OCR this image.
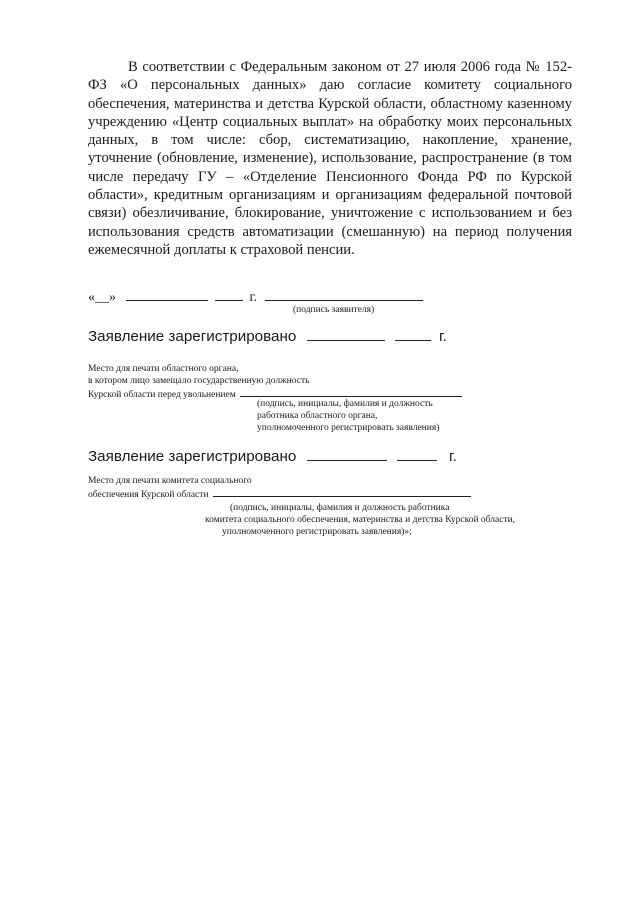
В соответствии с Федеральным законом от 27 июля 2006 года № 152-ФЗ «О персональных данных» даю согласие комитету социального обеспечения, материнства и детства Курской области, областному казенному учреждению «Центр социальных выплат» на обработку моих персональных данных, в том числе: сбор, систематизацию, накопление, хранение, уточнение (обновление, изменение), использование, распространение (в том числе передачу ГУ – «Отделение Пенсионного Фонда РФ по Курской области», кредитным организациям и организациям федеральной почтовой связи) обезличивание, блокирование, уничтожение с использованием и без использования средств автоматизации (смешанную) на период получения ежемесячной доплаты к страховой пенсии.

«__»	г.
(подпись заявителя)
Заявление зарегистрировано	г.
Место для печати областного органа,
в котором лицо замещало государственную должность
Курской области перед увольнением
(подпись, инициалы, фамилия и должность
работника областного органа,
уполномоченного регистрировать заявления)
Заявление зарегистрировано	г.
Место для печати комитета социального
обеспечения Курской области
(подпись, инициалы, фамилия и должность работника
комитета социального обеспечения, материнства и детства Курской области,
уполномоченного регистрировать заявления)»;
